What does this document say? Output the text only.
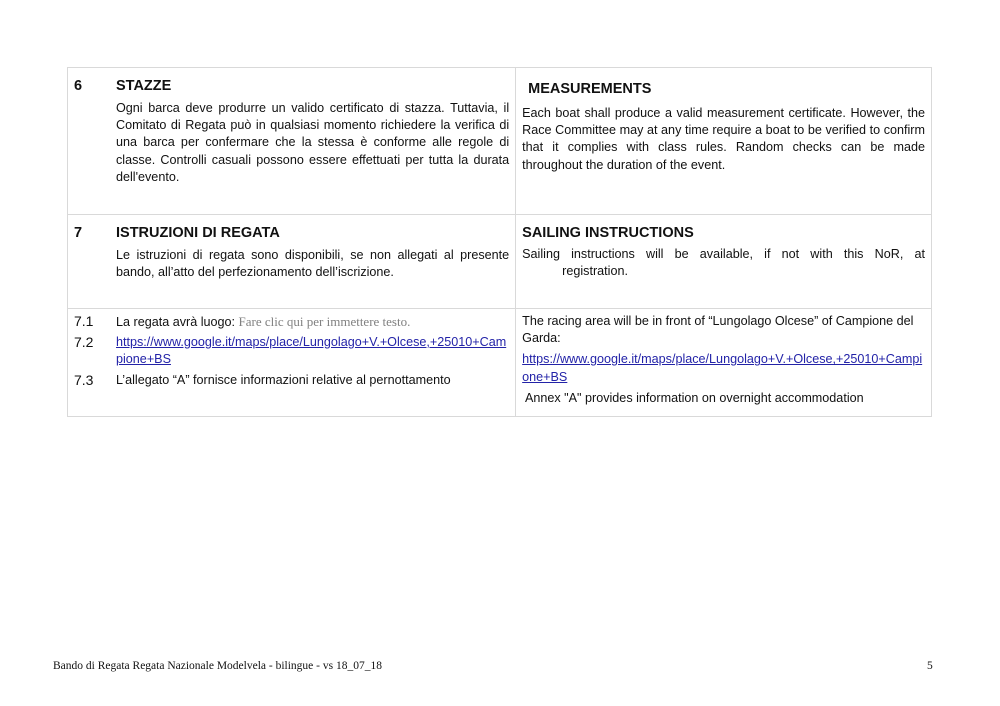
6	STAZZE
Ogni barca deve produrre un valido certificato di stazza. Tuttavia, il Comitato di Regata può in qualsiasi momento richiedere la verifica di una barca per confermare che la stessa è conforme alle regole di classe. Controlli casuali possono essere effettuati per tutta la durata dell'evento.

MEASUREMENTS
Each boat shall produce a valid measurement certificate. However, the Race Committee may at any time require a boat to be verified to confirm that it complies with class rules. Random checks can be made throughout the duration of the event.

7	ISTRUZIONI DI REGATA
Le istruzioni di regata sono disponibili, se non allegati al presente bando, all’atto del perfezionamento dell’iscrizione.

SAILING INSTRUCTIONS
Sailing instructions will be available, if not with this NoR, at
registration.

7.1	La regata avrà luogo: Fare clic qui per immettere testo.
7.2	https://www.google.it/maps/place/Lungolago+V.+Olcese,+25010+Campione+BS
7.3	L’allegato “A” fornisce informazioni relative al pernottamento

The racing area will be in front of “Lungolago Olcese” of Campione del Garda:
https://www.google.it/maps/place/Lungolago+V.+Olcese,+25010+Campione+BS
Annex "A" provides information on overnight accommodation
Bando di Regata Regata Nazionale Modelvela - bilingue - vs 18_07_18	5
